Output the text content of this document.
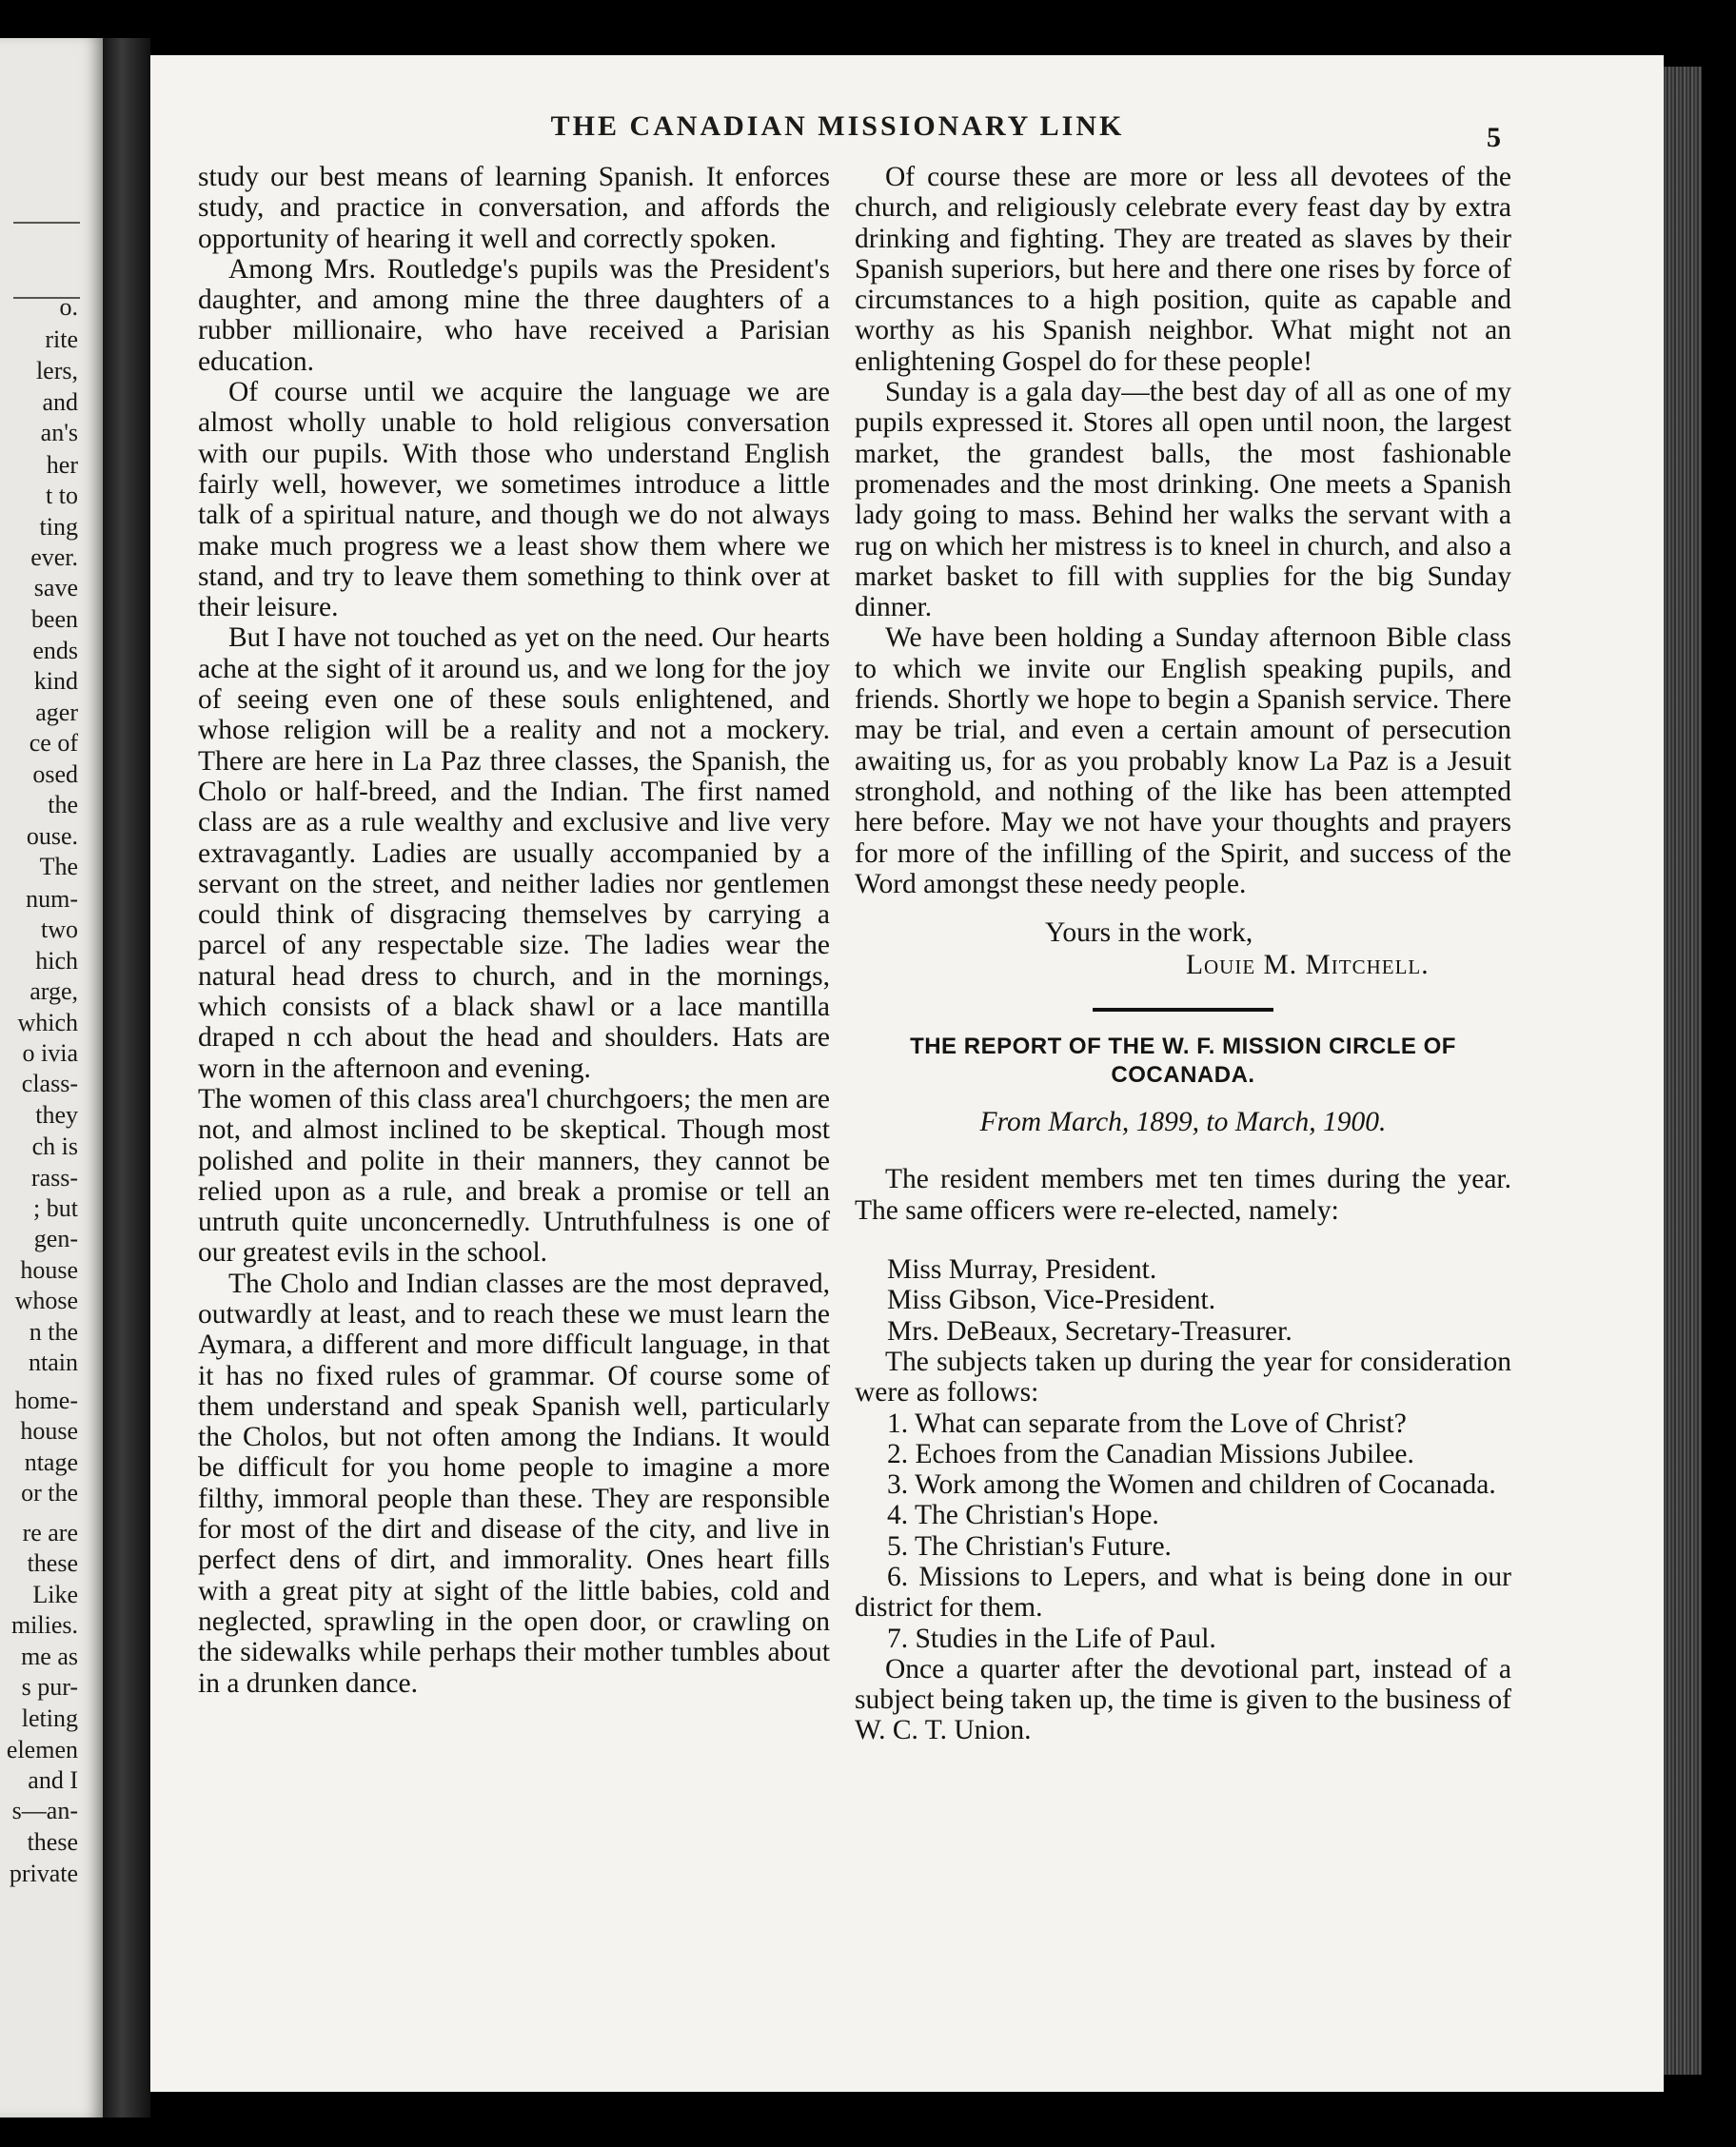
o.
rite
lers,
and
an's
her
t to
ting
ever.
save
been
ends
kind
ager
ce of
osed
the
ouse.
The
num-
two
hich
arge,
which
o ivia
class-
they
ch is
rass-
; but
gen-
house
whose
n the
ntain
home-
house
ntage
or the
re are
these
Like
milies.
me as
s pur-
leting
elemen
and I
s—an-
these
private
THE CANADIAN MISSIONARY LINK	5

study our best means of learning Spanish. It enforces study, and practice in conversation, and affords the opportunity of hearing it well and correctly spoken.

Among Mrs. Routledge's pupils was the President's daughter, and among mine the three daughters of a rubber millionaire, who have received a Parisian education.

Of course until we acquire the language we are almost wholly unable to hold religious conversation with our pupils. With those who understand English fairly well, however, we sometimes introduce a little talk of a spiritual nature, and though we do not always make much progress we a least show them where we stand, and try to leave them something to think over at their leisure.

But I have not touched as yet on the need. Our hearts ache at the sight of it around us, and we long for the joy of seeing even one of these souls enlightened, and whose religion will be a reality and not a mockery. There are here in La Paz three classes, the Spanish, the Cholo or half-breed, and the Indian. The first named class are as a rule wealthy and exclusive and live very extravagantly. Ladies are usually accompanied by a servant on the street, and neither ladies nor gentlemen could think of disgracing themselves by carrying a parcel of any respectable size. The ladies wear the natural head dress to church, and in the mornings, which consists of a black shawl or a lace mantilla draped n cch about the head and shoulders. Hats are worn in the afternoon and evening.

The women of this class area'l churchgoers; the men are not, and almost inclined to be skeptical. Though most polished and polite in their manners, they cannot be relied upon as a rule, and break a promise or tell an untruth quite unconcernedly. Untruthfulness is one of our greatest evils in the school.

The Cholo and Indian classes are the most depraved, outwardly at least, and to reach these we must learn the Aymara, a different and more difficult language, in that it has no fixed rules of grammar. Of course some of them understand and speak Spanish well, particularly the Cholos, but not often among the Indians. It would be difficult for you home people to imagine a more filthy, immoral people than these. They are responsible for most of the dirt and disease of the city, and live in perfect dens of dirt, and immorality. Ones heart fills with a great pity at sight of the little babies, cold and neglected, sprawling in the open door, or crawling on the sidewalks while perhaps their mother tumbles about in a drunken dance.

Of course these are more or less all devotees of the church, and religiously celebrate every feast day by extra drinking and fighting. They are treated as slaves by their Spanish superiors, but here and there one rises by force of circumstances to a high position, quite as capable and worthy as his Spanish neighbor. What might not an enlightening Gospel do for these people!

Sunday is a gala day—the best day of all as one of my pupils expressed it. Stores all open until noon, the largest market, the grandest balls, the most fashionable promenades and the most drinking. One meets a Spanish lady going to mass. Behind her walks the servant with a rug on which her mistress is to kneel in church, and also a market basket to fill with supplies for the big Sunday dinner.

We have been holding a Sunday afternoon Bible class to which we invite our English speaking pupils, and friends. Shortly we hope to begin a Spanish service. There may be trial, and even a certain amount of persecution awaiting us, for as you probably know La Paz is a Jesuit stronghold, and nothing of the like has been attempted here before. May we not have your thoughts and prayers for more of the infilling of the Spirit, and success of the Word amongst these needy people.

Yours in the work,
Louie M. Mitchell.
THE REPORT OF THE W. F. MISSION CIRCLE OF
COCANADA.
From March, 1899, to March, 1900.

The resident members met ten times during the year. The same officers were re-elected, namely:

Miss Murray, President.
Miss Gibson, Vice-President.
Mrs. DeBeaux, Secretary-Treasurer.

The subjects taken up during the year for consideration were as follows:

1. What can separate from the Love of Christ?
2. Echoes from the Canadian Missions Jubilee.
3. Work among the Women and children of Cocanada.
4. The Christian's Hope.
5. The Christian's Future.
6. Missions to Lepers, and what is being done in our district for them.
7. Studies in the Life of Paul.

Once a quarter after the devotional part, instead of a subject being taken up, the time is given to the business of W. C. T. Union.
